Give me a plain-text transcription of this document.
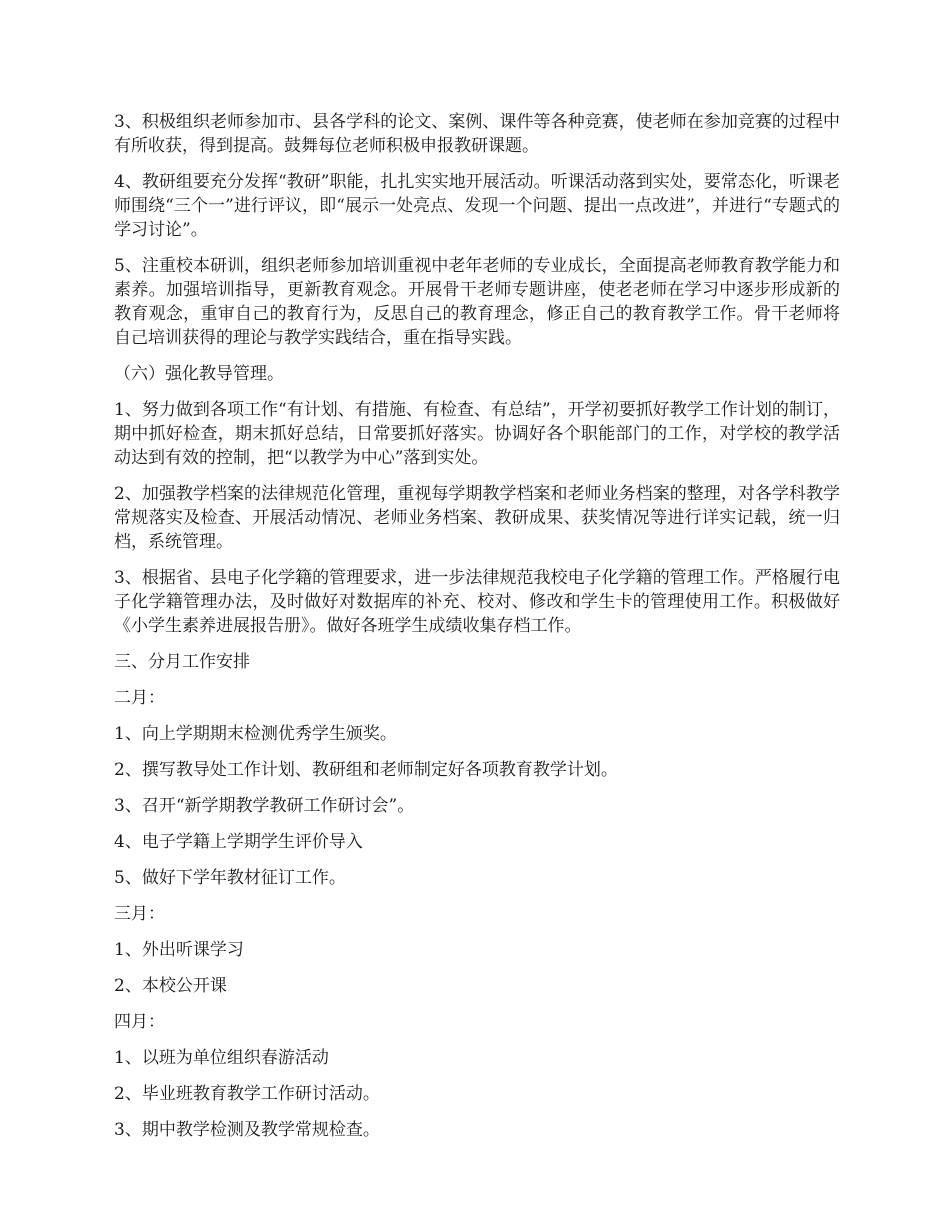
3、积极组织老师参加市、县各学科的论文、案例、课件等各种竞赛，使老师在参加竞赛的过程中有所收获，得到提高。鼓舞每位老师积极申报教研课题。

4、教研组要充分发挥“教研”职能，扎扎实实地开展活动。听课活动落到实处，要常态化，听课老师围绕“三个一”进行评议，即“展示一处亮点、发现一个问题、提出一点改进”，并进行“专题式的学习讨论”。

5、注重校本研训，组织老师参加培训重视中老年老师的专业成长，全面提高老师教育教学能力和素养。加强培训指导，更新教育观念。开展骨干老师专题讲座，使老老师在学习中逐步形成新的教育观念，重审自己的教育行为，反思自己的教育理念，修正自己的教育教学工作。骨干老师将自己培训获得的理论与教学实践结合，重在指导实践。

（六）强化教导管理。

1、努力做到各项工作“有计划、有措施、有检查、有总结”，开学初要抓好教学工作计划的制订，期中抓好检查，期末抓好总结，日常要抓好落实。协调好各个职能部门的工作，对学校的教学活动达到有效的控制，把“以教学为中心”落到实处。

2、加强教学档案的法律规范化管理，重视每学期教学档案和老师业务档案的整理，对各学科教学常规落实及检查、开展活动情况、老师业务档案、教研成果、获奖情况等进行详实记载，统一归档，系统管理。

3、根据省、县电子化学籍的管理要求，进一步法律规范我校电子化学籍的管理工作。严格履行电子化学籍管理办法，及时做好对数据库的补充、校对、修改和学生卡的管理使用工作。积极做好《小学生素养进展报告册》。做好各班学生成绩收集存档工作。

三、分月工作安排

二月：

1、向上学期期末检测优秀学生颁奖。

2、撰写教导处工作计划、教研组和老师制定好各项教育教学计划。

3、召开“新学期教学教研工作研讨会”。

4、电子学籍上学期学生评价导入

5、做好下学年教材征订工作。

三月：

1、外出听课学习

2、本校公开课

四月：

1、以班为单位组织春游活动

2、毕业班教育教学工作研讨活动。

3、期中教学检测及教学常规检查。
